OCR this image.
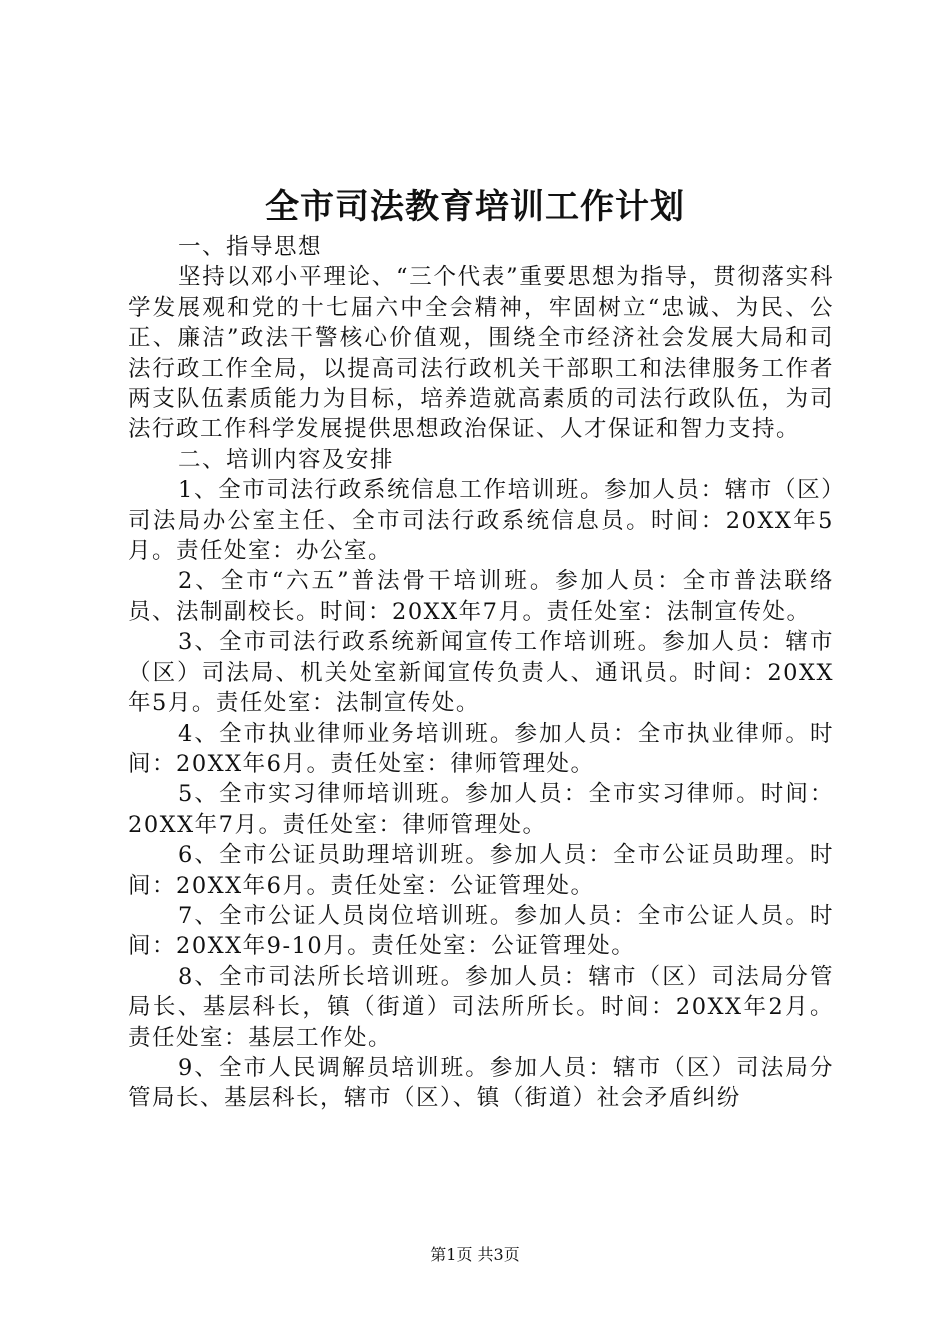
全市司法教育培训工作计划

一、指导思想

坚持以邓小平理论、“三个代表”重要思想为指导，贯彻落实科学发展观和党的十七届六中全会精神，牢固树立“忠诚、为民、公正、廉洁”政法干警核心价值观，围绕全市经济社会发展大局和司法行政工作全局，以提高司法行政机关干部职工和法律服务工作者两支队伍素质能力为目标，培养造就高素质的司法行政队伍，为司法行政工作科学发展提供思想政治保证、人才保证和智力支持。

二、培训内容及安排

1、全市司法行政系统信息工作培训班。参加人员：辖市（区）司法局办公室主任、全市司法行政系统信息员。时间：20XX年5月。责任处室：办公室。

2、全市“六五”普法骨干培训班。参加人员：全市普法联络员、法制副校长。时间：20XX年7月。责任处室：法制宣传处。

3、全市司法行政系统新闻宣传工作培训班。参加人员：辖市（区）司法局、机关处室新闻宣传负责人、通讯员。时间：20XX年5月。责任处室：法制宣传处。

4、全市执业律师业务培训班。参加人员：全市执业律师。时间：20XX年6月。责任处室：律师管理处。

5、全市实习律师培训班。参加人员：全市实习律师。时间：20XX年7月。责任处室：律师管理处。

6、全市公证员助理培训班。参加人员：全市公证员助理。时间：20XX年6月。责任处室：公证管理处。

7、全市公证人员岗位培训班。参加人员：全市公证人员。时间：20XX年9-10月。责任处室：公证管理处。

8、全市司法所长培训班。参加人员：辖市（区）司法局分管局长、基层科长，镇（街道）司法所所长。时间：20XX年2月。责任处室：基层工作处。

9、全市人民调解员培训班。参加人员：辖市（区）司法局分管局长、基层科长，辖市（区）、镇（街道）社会矛盾纠纷

第1页 共3页
